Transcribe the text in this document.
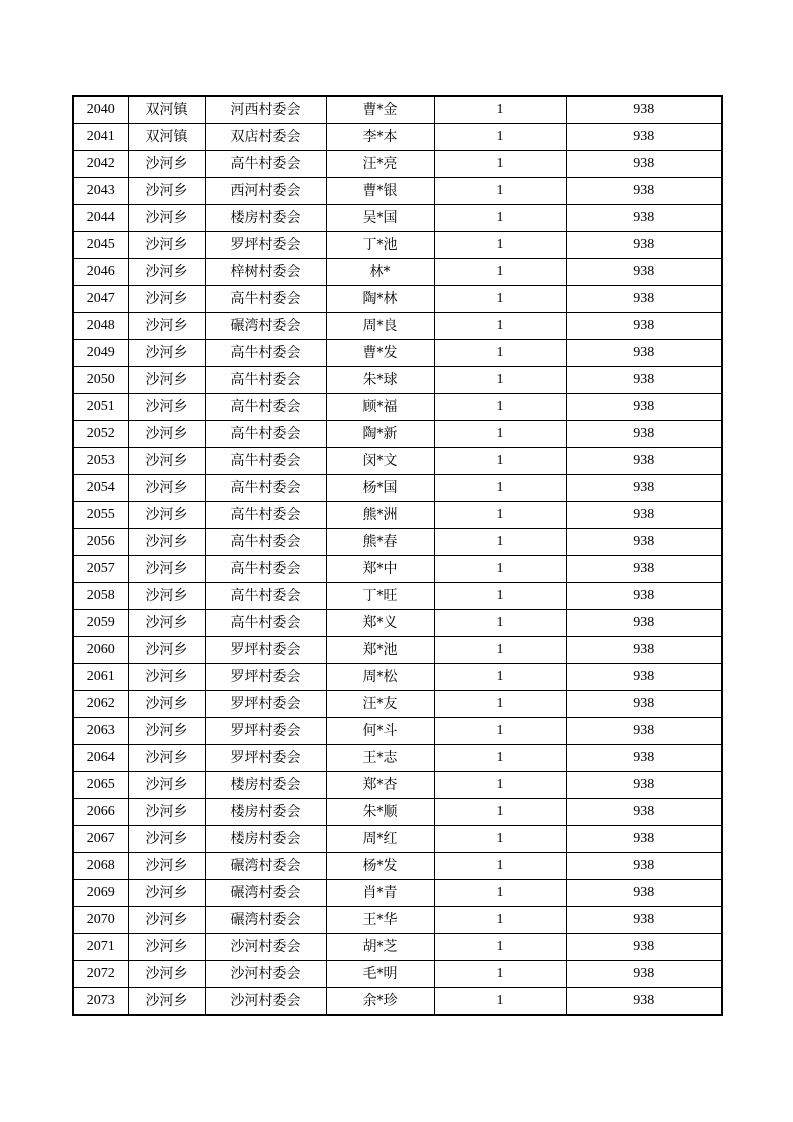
2040	双河镇	河西村委会	曹*金	1	938
2041	双河镇	双店村委会	李*本	1	938
2042	沙河乡	高牛村委会	汪*亮	1	938
2043	沙河乡	西河村委会	曹*银	1	938
2044	沙河乡	楼房村委会	吴*国	1	938
2045	沙河乡	罗坪村委会	丁*池	1	938
2046	沙河乡	梓树村委会	林*	1	938
2047	沙河乡	高牛村委会	陶*林	1	938
2048	沙河乡	碾湾村委会	周*良	1	938
2049	沙河乡	高牛村委会	曹*发	1	938
2050	沙河乡	高牛村委会	朱*球	1	938
2051	沙河乡	高牛村委会	顾*福	1	938
2052	沙河乡	高牛村委会	陶*新	1	938
2053	沙河乡	高牛村委会	闵*文	1	938
2054	沙河乡	高牛村委会	杨*国	1	938
2055	沙河乡	高牛村委会	熊*洲	1	938
2056	沙河乡	高牛村委会	熊*春	1	938
2057	沙河乡	高牛村委会	郑*中	1	938
2058	沙河乡	高牛村委会	丁*旺	1	938
2059	沙河乡	高牛村委会	郑*义	1	938
2060	沙河乡	罗坪村委会	郑*池	1	938
2061	沙河乡	罗坪村委会	周*松	1	938
2062	沙河乡	罗坪村委会	汪*友	1	938
2063	沙河乡	罗坪村委会	何*斗	1	938
2064	沙河乡	罗坪村委会	王*志	1	938
2065	沙河乡	楼房村委会	郑*杏	1	938
2066	沙河乡	楼房村委会	朱*顺	1	938
2067	沙河乡	楼房村委会	周*红	1	938
2068	沙河乡	碾湾村委会	杨*发	1	938
2069	沙河乡	碾湾村委会	肖*青	1	938
2070	沙河乡	碾湾村委会	王*华	1	938
2071	沙河乡	沙河村委会	胡*芝	1	938
2072	沙河乡	沙河村委会	毛*明	1	938
2073	沙河乡	沙河村委会	余*珍	1	938
